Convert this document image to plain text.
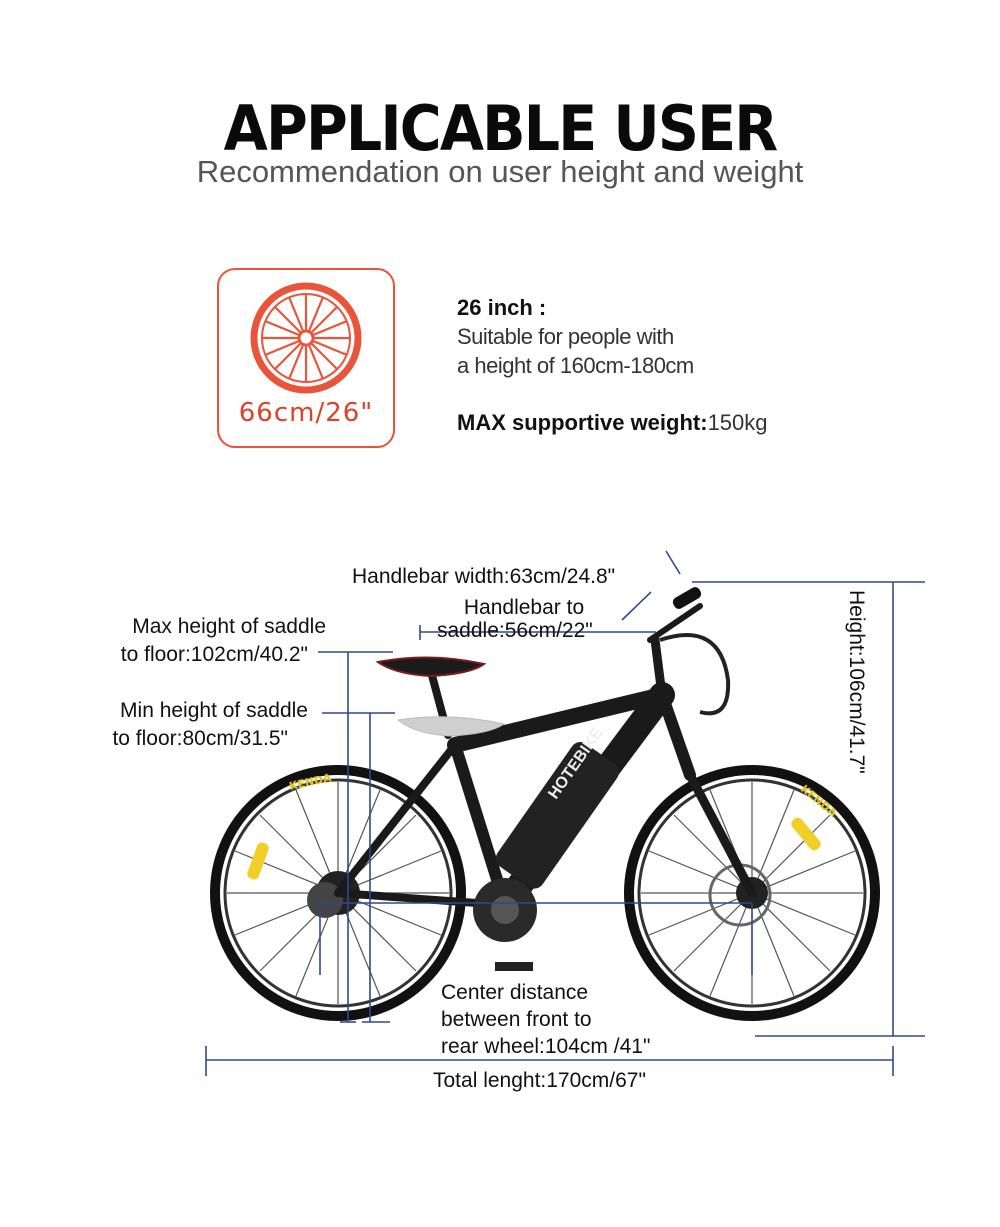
APPLICABLE USER
Recommendation on user height and weight
66cm/26"
26 inch :
Suitable for people with
a height of 160cm-180cm
MAX supportive weight:150kg
HOTEBIKE
KENDA
KENDA
Handlebar width:63cm/24.8"
Handlebar to
saddle:56cm/22"
Max height of saddle
to floor:102cm/40.2"
Min height of saddle
to floor:80cm/31.5"	Height:106cm/41.7"
Center distance
between front to
rear wheel:104cm /41"
Total lenght:170cm/67"
